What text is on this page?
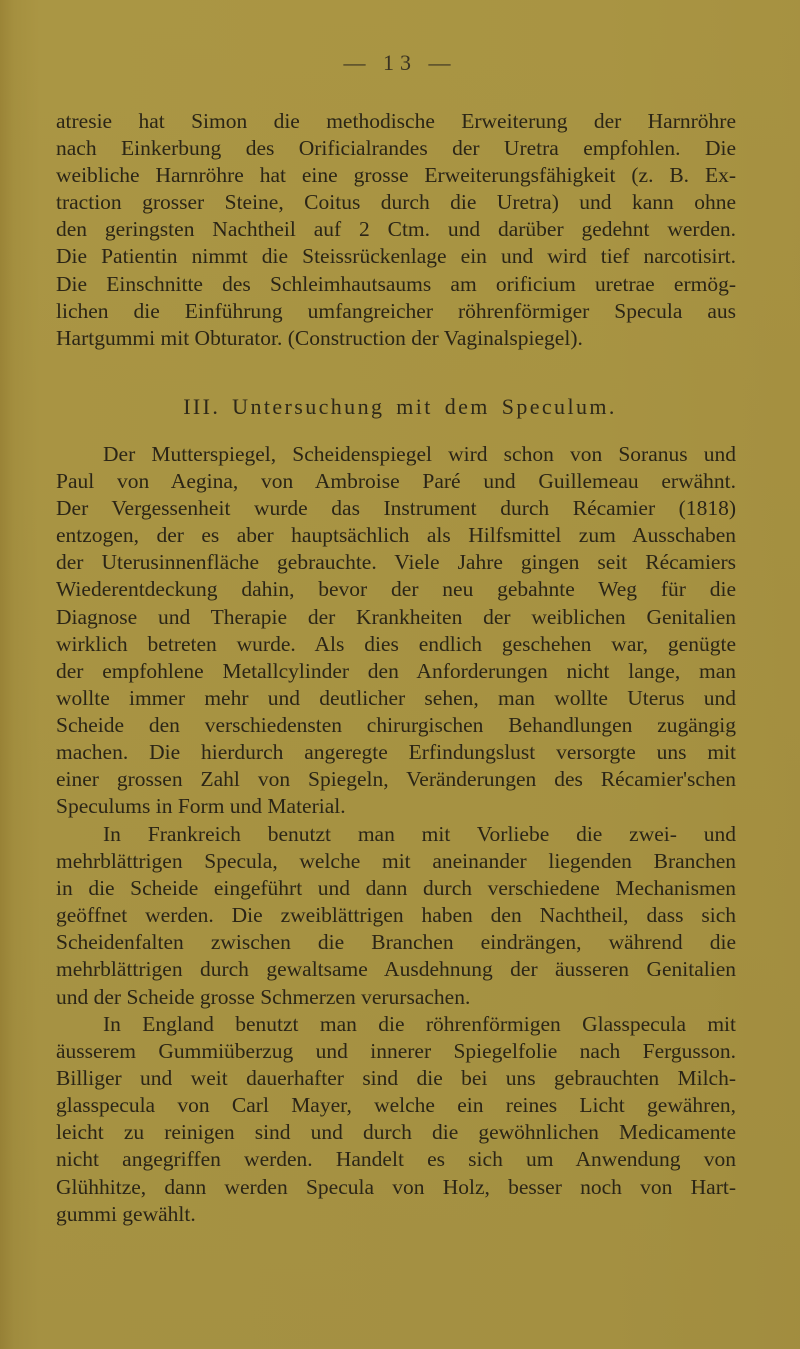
— 13 —
atresie hat Simon die methodische Erweiterung der Harnröhre
nach Einkerbung des Orificialrandes der Uretra empfohlen. Die
weibliche Harnröhre hat eine grosse Erweiterungsfähigkeit (z. B. Ex-
traction grosser Steine, Coitus durch die Uretra) und kann ohne
den geringsten Nachtheil auf 2 Ctm. und darüber gedehnt werden.
Die Patientin nimmt die Steissrückenlage ein und wird tief narcotisirt.
Die Einschnitte des Schleimhautsaums am orificium uretrae ermög-
lichen die Einführung umfangreicher röhrenförmiger Specula aus
Hartgummi mit Obturator. (Construction der Vaginalspiegel).
III. Untersuchung mit dem Speculum.
Der Mutterspiegel, Scheidenspiegel wird schon von Soranus und
Paul von Aegina, von Ambroise Paré und Guillemeau erwähnt.
Der Vergessenheit wurde das Instrument durch Récamier (1818)
entzogen, der es aber hauptsächlich als Hilfsmittel zum Ausschaben
der Uterusinnenfläche gebrauchte. Viele Jahre gingen seit Récamiers
Wiederentdeckung dahin, bevor der neu gebahnte Weg für die
Diagnose und Therapie der Krankheiten der weiblichen Genitalien
wirklich betreten wurde. Als dies endlich geschehen war, genügte
der empfohlene Metallcylinder den Anforderungen nicht lange, man
wollte immer mehr und deutlicher sehen, man wollte Uterus und
Scheide den verschiedensten chirurgischen Behandlungen zugängig
machen. Die hierdurch angeregte Erfindungslust versorgte uns mit
einer grossen Zahl von Spiegeln, Veränderungen des Récamier'schen
Speculums in Form und Material.
In Frankreich benutzt man mit Vorliebe die zwei- und
mehrblättrigen Specula, welche mit aneinander liegenden Branchen
in die Scheide eingeführt und dann durch verschiedene Mechanismen
geöffnet werden. Die zweiblättrigen haben den Nachtheil, dass sich
Scheidenfalten zwischen die Branchen eindrängen, während die
mehrblättrigen durch gewaltsame Ausdehnung der äusseren Genitalien
und der Scheide grosse Schmerzen verursachen.
In England benutzt man die röhrenförmigen Glasspecula mit
äusserem Gummiüberzug und innerer Spiegelfolie nach Fergusson.
Billiger und weit dauerhafter sind die bei uns gebrauchten Milch-
glasspecula von Carl Mayer, welche ein reines Licht gewähren,
leicht zu reinigen sind und durch die gewöhnlichen Medicamente
nicht angegriffen werden. Handelt es sich um Anwendung von
Glühhitze, dann werden Specula von Holz, besser noch von Hart-
gummi gewählt.
